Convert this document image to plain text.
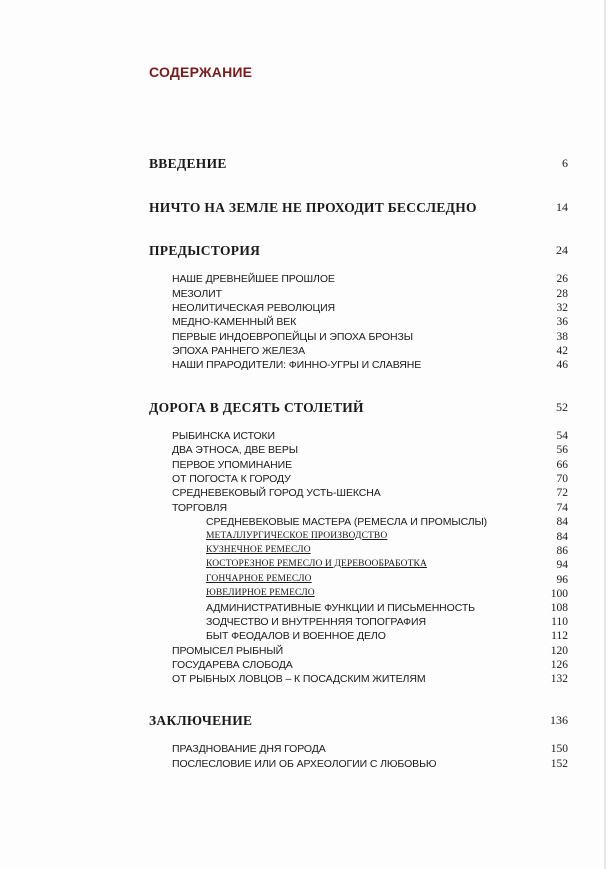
СОДЕРЖАНИЕ
ВВЕДЕНИЕ	6
НИЧТО НА ЗЕМЛЕ НЕ ПРОХОДИТ БЕССЛЕДНО	14
ПРЕДЫСТОРИЯ	24
НАШЕ ДРЕВНЕЙШЕЕ ПРОШЛОЕ	26
МЕЗОЛИТ	28
НЕОЛИТИЧЕСКАЯ РЕВОЛЮЦИЯ	32
МЕДНО-КАМЕННЫЙ ВЕК	36
ПЕРВЫЕ ИНДОЕВРОПЕЙЦЫ И ЭПОХА БРОНЗЫ	38
ЭПОХА РАННЕГО ЖЕЛЕЗА	42
НАШИ ПРАРОДИТЕЛИ: ФИННО-УГРЫ И СЛАВЯНЕ	46
ДОРОГА В ДЕСЯТЬ СТОЛЕТИЙ	52
РЫБИНСКА ИСТОКИ	54
ДВА ЭТНОСА, ДВЕ ВЕРЫ	56
ПЕРВОЕ УПОМИНАНИЕ	66
ОТ ПОГОСТА К ГОРОДУ	70
СРЕДНЕВЕКОВЫЙ ГОРОД УСТЬ-ШЕКСНА	72
ТОРГОВЛЯ	74
СРЕДНЕВЕКОВЫЕ МАСТЕРА (РЕМЕСЛА И ПРОМЫСЛЫ)	84
МЕТАЛЛУРГИЧЕСКОЕ ПРОИЗВОДСТВО	84
КУЗНЕЧНОЕ РЕМЕСЛО	86
КОСТОРЕЗНОЕ РЕМЕСЛО И ДЕРЕВООБРАБОТКА	94
ГОНЧАРНОЕ РЕМЕСЛО	96
ЮВЕЛИРНОЕ РЕМЕСЛО	100
АДМИНИСТРАТИВНЫЕ ФУНКЦИИ И ПИСЬМЕННОСТЬ	108
ЗОДЧЕСТВО И ВНУТРЕННЯЯ ТОПОГРАФИЯ	110
БЫТ ФЕОДАЛОВ И ВОЕННОЕ ДЕЛО	112
ПРОМЫСЕЛ РЫБНЫЙ	120
ГОСУДАРЕВА СЛОБОДА	126
ОТ РЫБНЫХ ЛОВЦОВ – К ПОСАДСКИМ ЖИТЕЛЯМ	132
ЗАКЛЮЧЕНИЕ	136
ПРАЗДНОВАНИЕ ДНЯ ГОРОДА	150
ПОСЛЕСЛОВИЕ ИЛИ ОБ АРХЕОЛОГИИ С ЛЮБОВЬЮ	152
